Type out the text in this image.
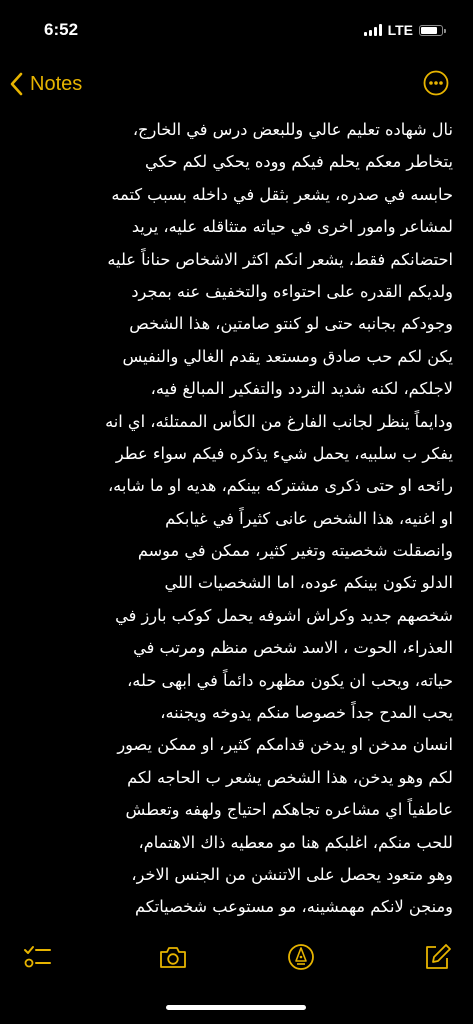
6:52	LTE
Notes
نال شهاده تعليم عالي وللبعض درس في الخارج،
يتخاطر معكم يحلم فيكم ووده يحكي لكم حكي
حابسه في صدره، يشعر بثقل في داخله بسبب كتمه
لمشاعر وامور اخرى في حياته متثاقله عليه، يريد
احتضانكم فقط، يشعر انكم اكثر الاشخاص حناناً عليه
ولديكم القدره على احتواءه والتخفيف عنه بمجرد
وجودكم بجانبه حتى لو كنتو صامتين، هذا الشخص
يكن لكم حب صادق ومستعد يقدم الغالي والنفيس
لاجلكم، لكنه شديد التردد والتفكير المبالغ فيه،
ودايماً ينظر لجانب الفارغ من الكأس الممتلئه، اي انه
يفكر ب سلبيه، يحمل شيء يذكره فيكم سواء عطر
رائحه او حتى ذكرى مشتركه بينكم، هديه او ما شابه،
او اغنيه، هذا الشخص عانى كثيراً في غيابكم
وانصقلت شخصيته وتغير كثير، ممكن في موسم
الدلو تكون بينكم عوده، اما الشخصيات اللي
شخصهم جديد وكراش اشوفه يحمل كوكب بارز في
العذراء، الحوت ، الاسد شخص منظم ومرتب في
حياته، ويحب ان يكون مظهره دائماً في ابهى حله،
يحب المدح جداً خصوصا منكم يدوخه ويجننه،
انسان مدخن او يدخن قدامكم كثير، او ممكن يصور
لكم وهو يدخن، هذا الشخص يشعر ب الحاجه لكم
عاطفياً اي مشاعره تجاهكم احتياج ولهفه وتعطش
للحب منكم، اغلبكم هنا مو معطيه ذاك الاهتمام،
وهو متعود يحصل على الاتنشن من الجنس الاخر،
ومنجن لانكم مهمشينه، مو مستوعب شخصياتكم
